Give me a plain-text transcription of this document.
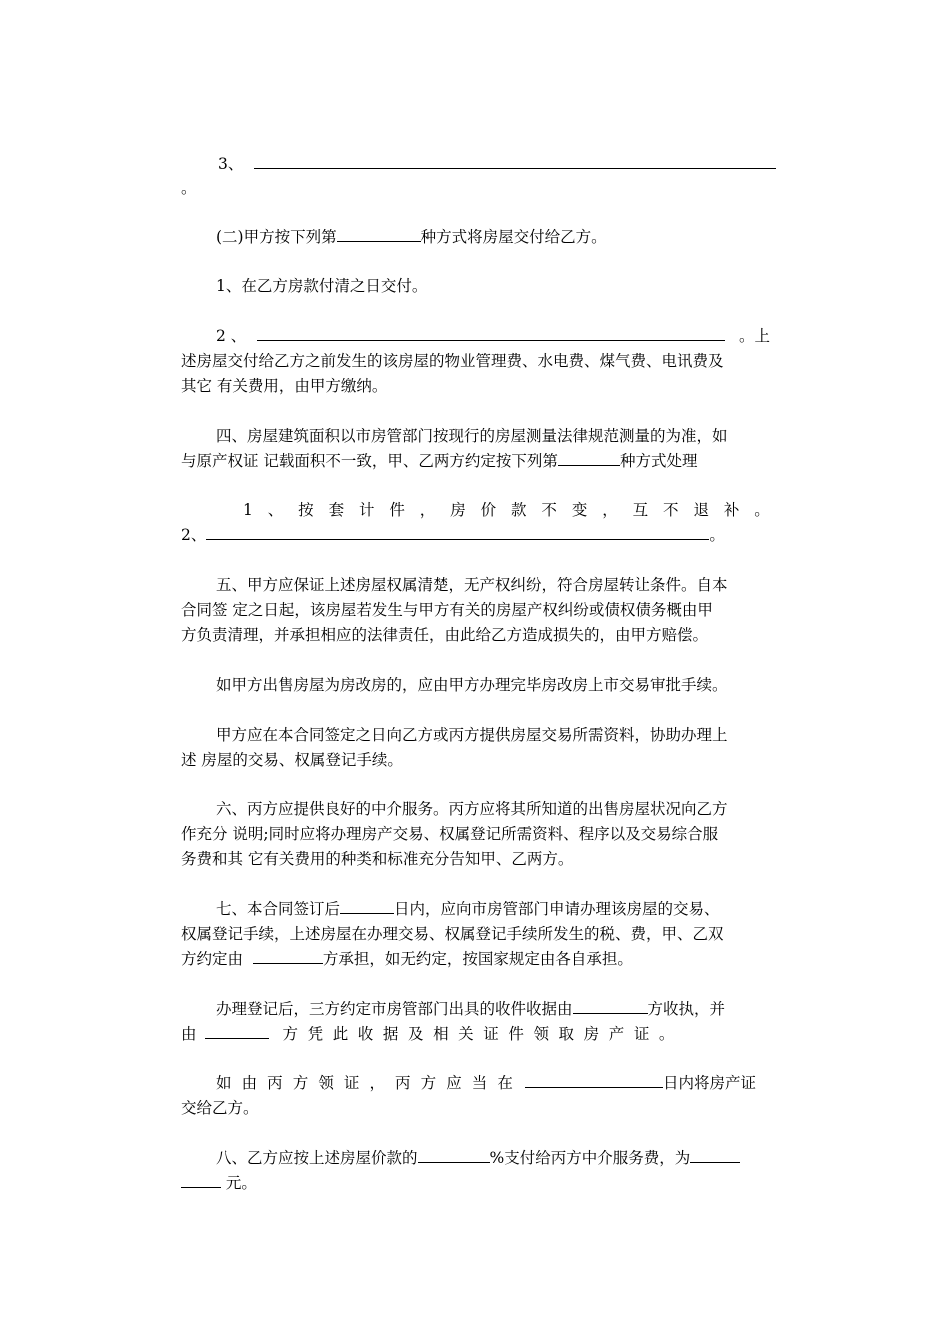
3、
。
(二)甲方按下列第	种方式将房屋交付给乙方。
1、在乙方房款付清之日交付。
2 、	。上
述房屋交付给乙方之前发生的该房屋的物业管理费、水电费、煤气费、电讯费及
其它 有关费用，由甲方缴纳。
四、房屋建筑面积以市房管部门按现行的房屋测量法律规范测量的为准，如
与原产权证 记载面积不一致，甲、乙两方约定按下列第	种方式处理
1 、 按 套 计 件 ， 房 价 款 不 变 ， 互 不 退 补 。
2、	。
五、甲方应保证上述房屋权属清楚，无产权纠纷，符合房屋转让条件。自本
合同签 定之日起，该房屋若发生与甲方有关的房屋产权纠纷或债权债务概由甲
方负责清理，并承担相应的法律责任，由此给乙方造成损失的，由甲方赔偿。
如甲方出售房屋为房改房的，应由甲方办理完毕房改房上市交易审批手续。
甲方应在本合同签定之日向乙方或丙方提供房屋交易所需资料，协助办理上
述 房屋的交易、权属登记手续。
六、丙方应提供良好的中介服务。丙方应将其所知道的出售房屋状况向乙方
作充分 说明;同时应将办理房产交易、权属登记所需资料、程序以及交易综合服
务费和其 它有关费用的种类和标准充分告知甲、乙两方。
七、本合同签订后	日内，应向市房管部门申请办理该房屋的交易、
权属登记手续，上述房屋在办理交易、权属登记手续所发生的税、费，甲、乙双
方约定由	方承担，如无约定，按国家规定由各自承担。
办理登记后，三方约定市房管部门出具的收件收据由	方收执，并
由	方 凭 此 收 据 及 相 关 证 件 领 取 房 产 证 。
如 由 丙 方 领 证 ， 丙 方 应 当 在	日内将房产证
交给乙方。
八、乙方应按上述房屋价款的	%支付给丙方中介服务费，为
元。
